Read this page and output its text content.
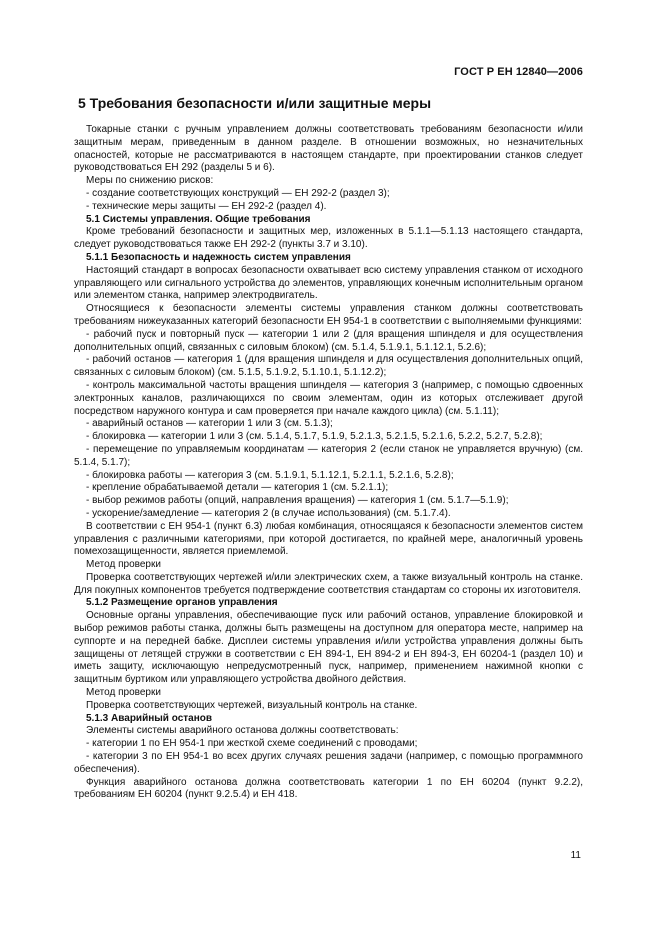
ГОСТ Р ЕН 12840—2006
5 Требования безопасности и/или защитные меры

Токарные станки с ручным управлением должны соответствовать требованиям безопасности и/или защитным мерам, приведенным в данном разделе. В отношении возможных, но незначительных опасностей, которые не рассматриваются в настоящем стандарте, при проектировании станков следует руководствоваться ЕН 292 (разделы 5 и 6).

Меры по снижению рисков:

- создание соответствующих конструкций — ЕН 292-2 (раздел 3);

- технические меры защиты — ЕН 292-2 (раздел 4).

5.1 Системы управления. Общие требования

Кроме требований безопасности и защитных мер, изложенных в 5.1.1—5.1.13 настоящего стандарта, следует руководствоваться также ЕН 292-2 (пункты 3.7 и 3.10).

5.1.1 Безопасность и надежность систем управления

Настоящий стандарт в вопросах безопасности охватывает всю систему управления станком от исходного управляющего или сигнального устройства до элементов, управляющих конечным исполнительным органом или элементом станка, например электродвигатель.

Относящиеся к безопасности элементы системы управления станком должны соответствовать требованиям нижеуказанных категорий безопасности ЕН 954-1 в соответствии с выполняемыми функциями:

- рабочий пуск и повторный пуск — категории 1 или 2 (для вращения шпинделя и для осуществления дополнительных опций, связанных с силовым блоком) (см. 5.1.4, 5.1.9.1, 5.1.12.1, 5.2.6);

- рабочий останов — категория 1 (для вращения шпинделя и для осуществления дополнительных опций, связанных с силовым блоком) (см. 5.1.5, 5.1.9.2, 5.1.10.1, 5.1.12.2);

- контроль максимальной частоты вращения шпинделя — категория 3 (например, с помощью сдвоенных электронных каналов, различающихся по своим элементам, один из которых отслеживает другой посредством наружного контура и сам проверяется при начале каждого цикла) (см. 5.1.11);

- аварийный останов — категории 1 или 3 (см. 5.1.3);

- блокировка — категории 1 или 3 (см. 5.1.4, 5.1.7, 5.1.9, 5.2.1.3, 5.2.1.5, 5.2.1.6, 5.2.2, 5.2.7, 5.2.8);

- перемещение по управляемым координатам — категория 2 (если станок не управляется вручную) (см. 5.1.4, 5.1.7);

- блокировка работы — категория 3 (см. 5.1.9.1, 5.1.12.1, 5.2.1.1, 5.2.1.6, 5.2.8);

- крепление обрабатываемой детали — категория 1 (см. 5.2.1.1);

- выбор режимов работы (опций, направления вращения) — категория 1 (см. 5.1.7—5.1.9);

- ускорение/замедление — категория 2 (в случае использования) (см. 5.1.7.4).

В соответствии с ЕН 954-1 (пункт 6.3) любая комбинация, относящаяся к безопасности элементов систем управления с различными категориями, при которой достигается, по крайней мере, аналогичный уровень помехозащищенности, является приемлемой.

Метод проверки

Проверка соответствующих чертежей и/или электрических схем, а также визуальный контроль на станке. Для покупных компонентов требуется подтверждение соответствия стандартам со стороны их изготовителя.

5.1.2 Размещение органов управления

Основные органы управления, обеспечивающие пуск или рабочий останов, управление блокировкой и выбор режимов работы станка, должны быть размещены на доступном для оператора месте, например на суппорте и на передней бабке. Дисплеи системы управления и/или устройства управления должны быть защищены от летящей стружки в соответствии с ЕН 894-1, ЕН 894-2 и ЕН 894-3, ЕН 60204-1 (раздел 10) и иметь защиту, исключающую непредусмотренный пуск, например, применением нажимной кнопки с защитным буртиком или управляющего устройства двойного действия.

Метод проверки

Проверка соответствующих чертежей, визуальный контроль на станке.

5.1.3 Аварийный останов

Элементы системы аварийного останова должны соответствовать:

- категории 1 по ЕН 954-1 при жесткой схеме соединений с проводами;

- категории 3 по ЕН 954-1 во всех других случаях решения задачи (например, с помощью программного обеспечения).

Функция аварийного останова должна соответствовать категории 1 по ЕН 60204 (пункт 9.2.2), требованиям ЕН 60204 (пункт 9.2.5.4) и ЕН 418.

11
